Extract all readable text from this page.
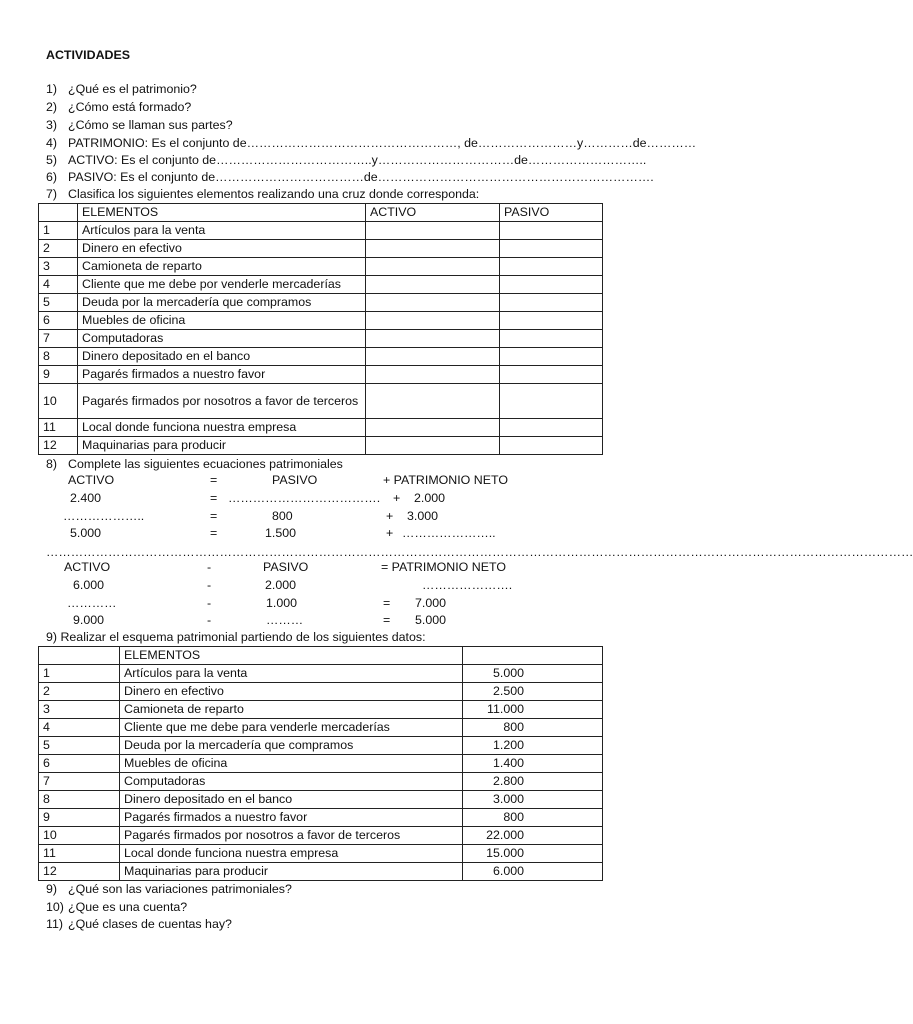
ACTIVIDADES
1) ¿Qué es el patrimonio?
2) ¿Cómo está formado?
3) ¿Cómo se llaman sus partes?
4) PATRIMONIO: Es el conjunto de……………………………………………, de……………………y…………de…………
5) ACTIVO: Es el conjunto de………………………………..y……………………………de………………………..
6) PASIVO: Es el conjunto de………………………………de………………………………………………………….
7) Clasifica los siguientes elementos realizando una cruz donde corresponda:
	ELEMENTOS	ACTIVO	PASIVO
1	Artículos para la venta		
2	Dinero en efectivo		
3	Camioneta de reparto		
4	Cliente que me debe por venderle mercaderías		
5	Deuda por la mercadería que compramos		
6	Muebles de oficina		
7	Computadoras		
8	Dinero depositado en el banco		
9	Pagarés firmados a nuestro favor		
10	Pagarés firmados por nosotros a favor de terceros		
11	Local donde funciona nuestra empresa		
12	Maquinarias para producir		
8) Complete las siguientes ecuaciones patrimoniales
ACTIVO	=	PASIVO	+ PATRIMONIO NETO
2.400	= ………………………………. + 2.000
………………..	=	800	+ 3.000
5.000	=	1.500	+ …………………..
…………………………………………………………………………………………………………………………………………………………………………………………
ACTIVO	-	PASIVO	= PATRIMONIO NETO
6.000	-	2.000	………………….
…………	-	1.000	= 7.000
9.000	-	………	= 5.000
9) Realizar el esquema patrimonial partiendo de los siguientes datos:
	ELEMENTOS	
1	Artículos para la venta	5.000
2	Dinero en efectivo	2.500
3	Camioneta de reparto	11.000
4	Cliente que me debe para venderle mercaderías	800
5	Deuda por la mercadería que compramos	1.200
6	Muebles de oficina	1.400
7	Computadoras	2.800
8	Dinero depositado en el banco	3.000
9	Pagarés firmados a nuestro favor	800
10	Pagarés firmados por nosotros a favor de terceros	22.000
11	Local donde funciona nuestra empresa	15.000
12	Maquinarias para producir	6.000
9) ¿Qué son las variaciones patrimoniales?
10) ¿Que es una cuenta?
11) ¿Qué clases de cuentas hay?
